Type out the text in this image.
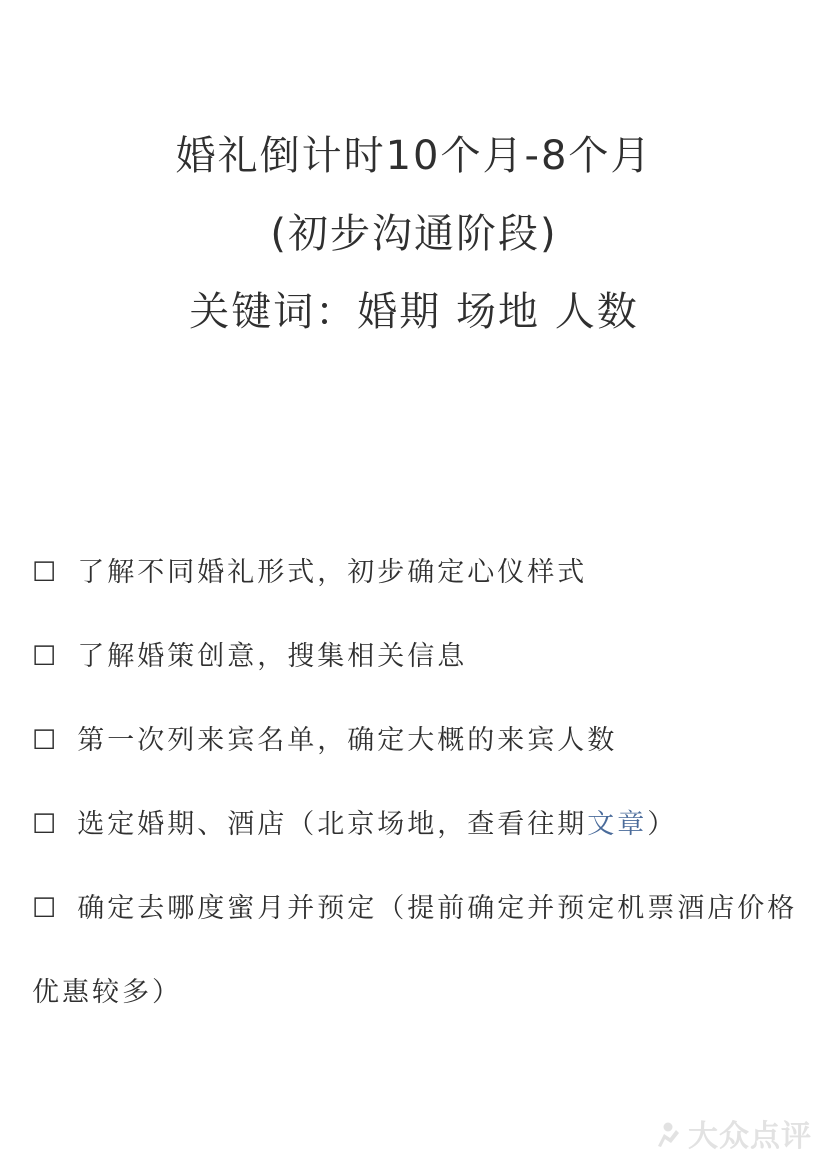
婚礼倒计时10个月-8个月
(初步沟通阶段)
关键词：婚期 场地 人数
☐ 了解不同婚礼形式，初步确定心仪样式
☐ 了解婚策创意，搜集相关信息
☐ 第一次列来宾名单，确定大概的来宾人数
☐ 选定婚期、酒店（北京场地，查看往期文章）
☐ 确定去哪度蜜月并预定（提前确定并预定机票酒店价格优惠较多）
大众点评
